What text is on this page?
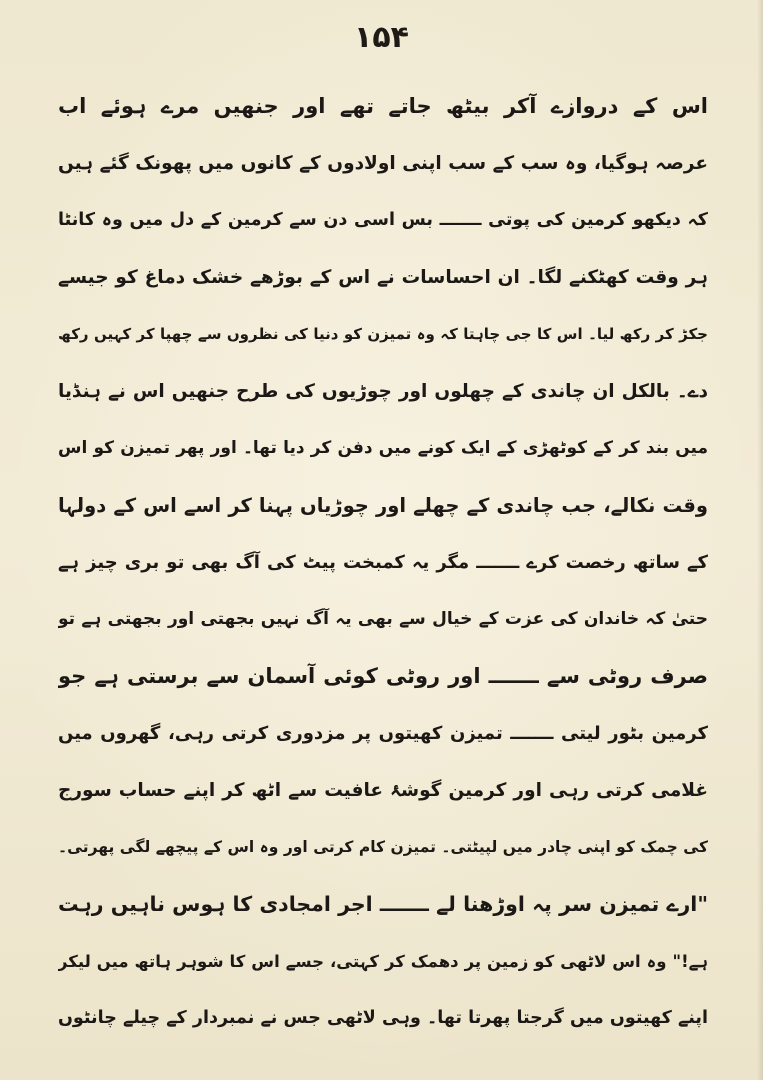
۱۵۴
اس کے دروازے آکر بیٹھ جاتے تھے اور جنھیں مرے ہوئے اب
عرصہ ہوگیا، وہ سب کے سب اپنی اولادوں کے کانوں میں پھونک گئے ہیں
کہ دیکھو کرمین کی پوتی ـــــــ بس اسی دن سے کرمین کے دل میں وہ کانٹا
ہر وقت کھٹکنے لگا۔ ان احساسات نے اس کے بوڑھے خشک دماغ کو جیسے
جکڑ کر رکھ لیا۔ اس کا جی چاہتا کہ وہ تمیزن کو دنیا کی نظروں سے چھپا کر کہیں رکھ
دے۔ بالکل ان چاندی کے چھلوں اور چوڑیوں کی طرح جنھیں اس نے ہنڈیا
میں بند کر کے کوٹھڑی کے ایک کونے میں دفن کر دیا تھا۔ اور پھر تمیزن کو اس
وقت نکالے، جب چاندی کے چھلے اور چوڑیاں پہنا کر اسے اس کے دولہا
کے ساتھ رخصت کرے ـــــــ مگر یہ کمبخت پیٹ کی آگ بھی تو بری چیز ہے
حتیٰ کہ خاندان کی عزت کے خیال سے بھی یہ آگ نہیں بجھتی اور بجھتی ہے تو
صرف روٹی سے ـــــــ اور روٹی کوئی آسمان سے برستی ہے جو
کرمین بٹور لیتی ـــــــ تمیزن کھیتوں پر مزدوری کرتی رہی، گھروں میں
غلامی کرتی رہی اور کرمین گوشۂ عافیت سے اٹھ کر اپنے حساب سورج
کی چمک کو اپنی چادر میں لپیٹتی۔ تمیزن کام کرتی اور وہ اس کے پیچھے لگی پھرتی۔
"ارے تمیزن سر پہ اوڑھنا لے ـــــــ اجر امجادی کا ہوس ناہیں رہت
ہے!" وہ اس لاٹھی کو زمین پر دھمک کر کہتی، جسے اس کا شوہر ہاتھ میں لیکر
اپنے کھیتوں میں گرجتا پھرتا تھا۔ وہی لاٹھی جس نے نمبردار کے چیلے چانٹوں
